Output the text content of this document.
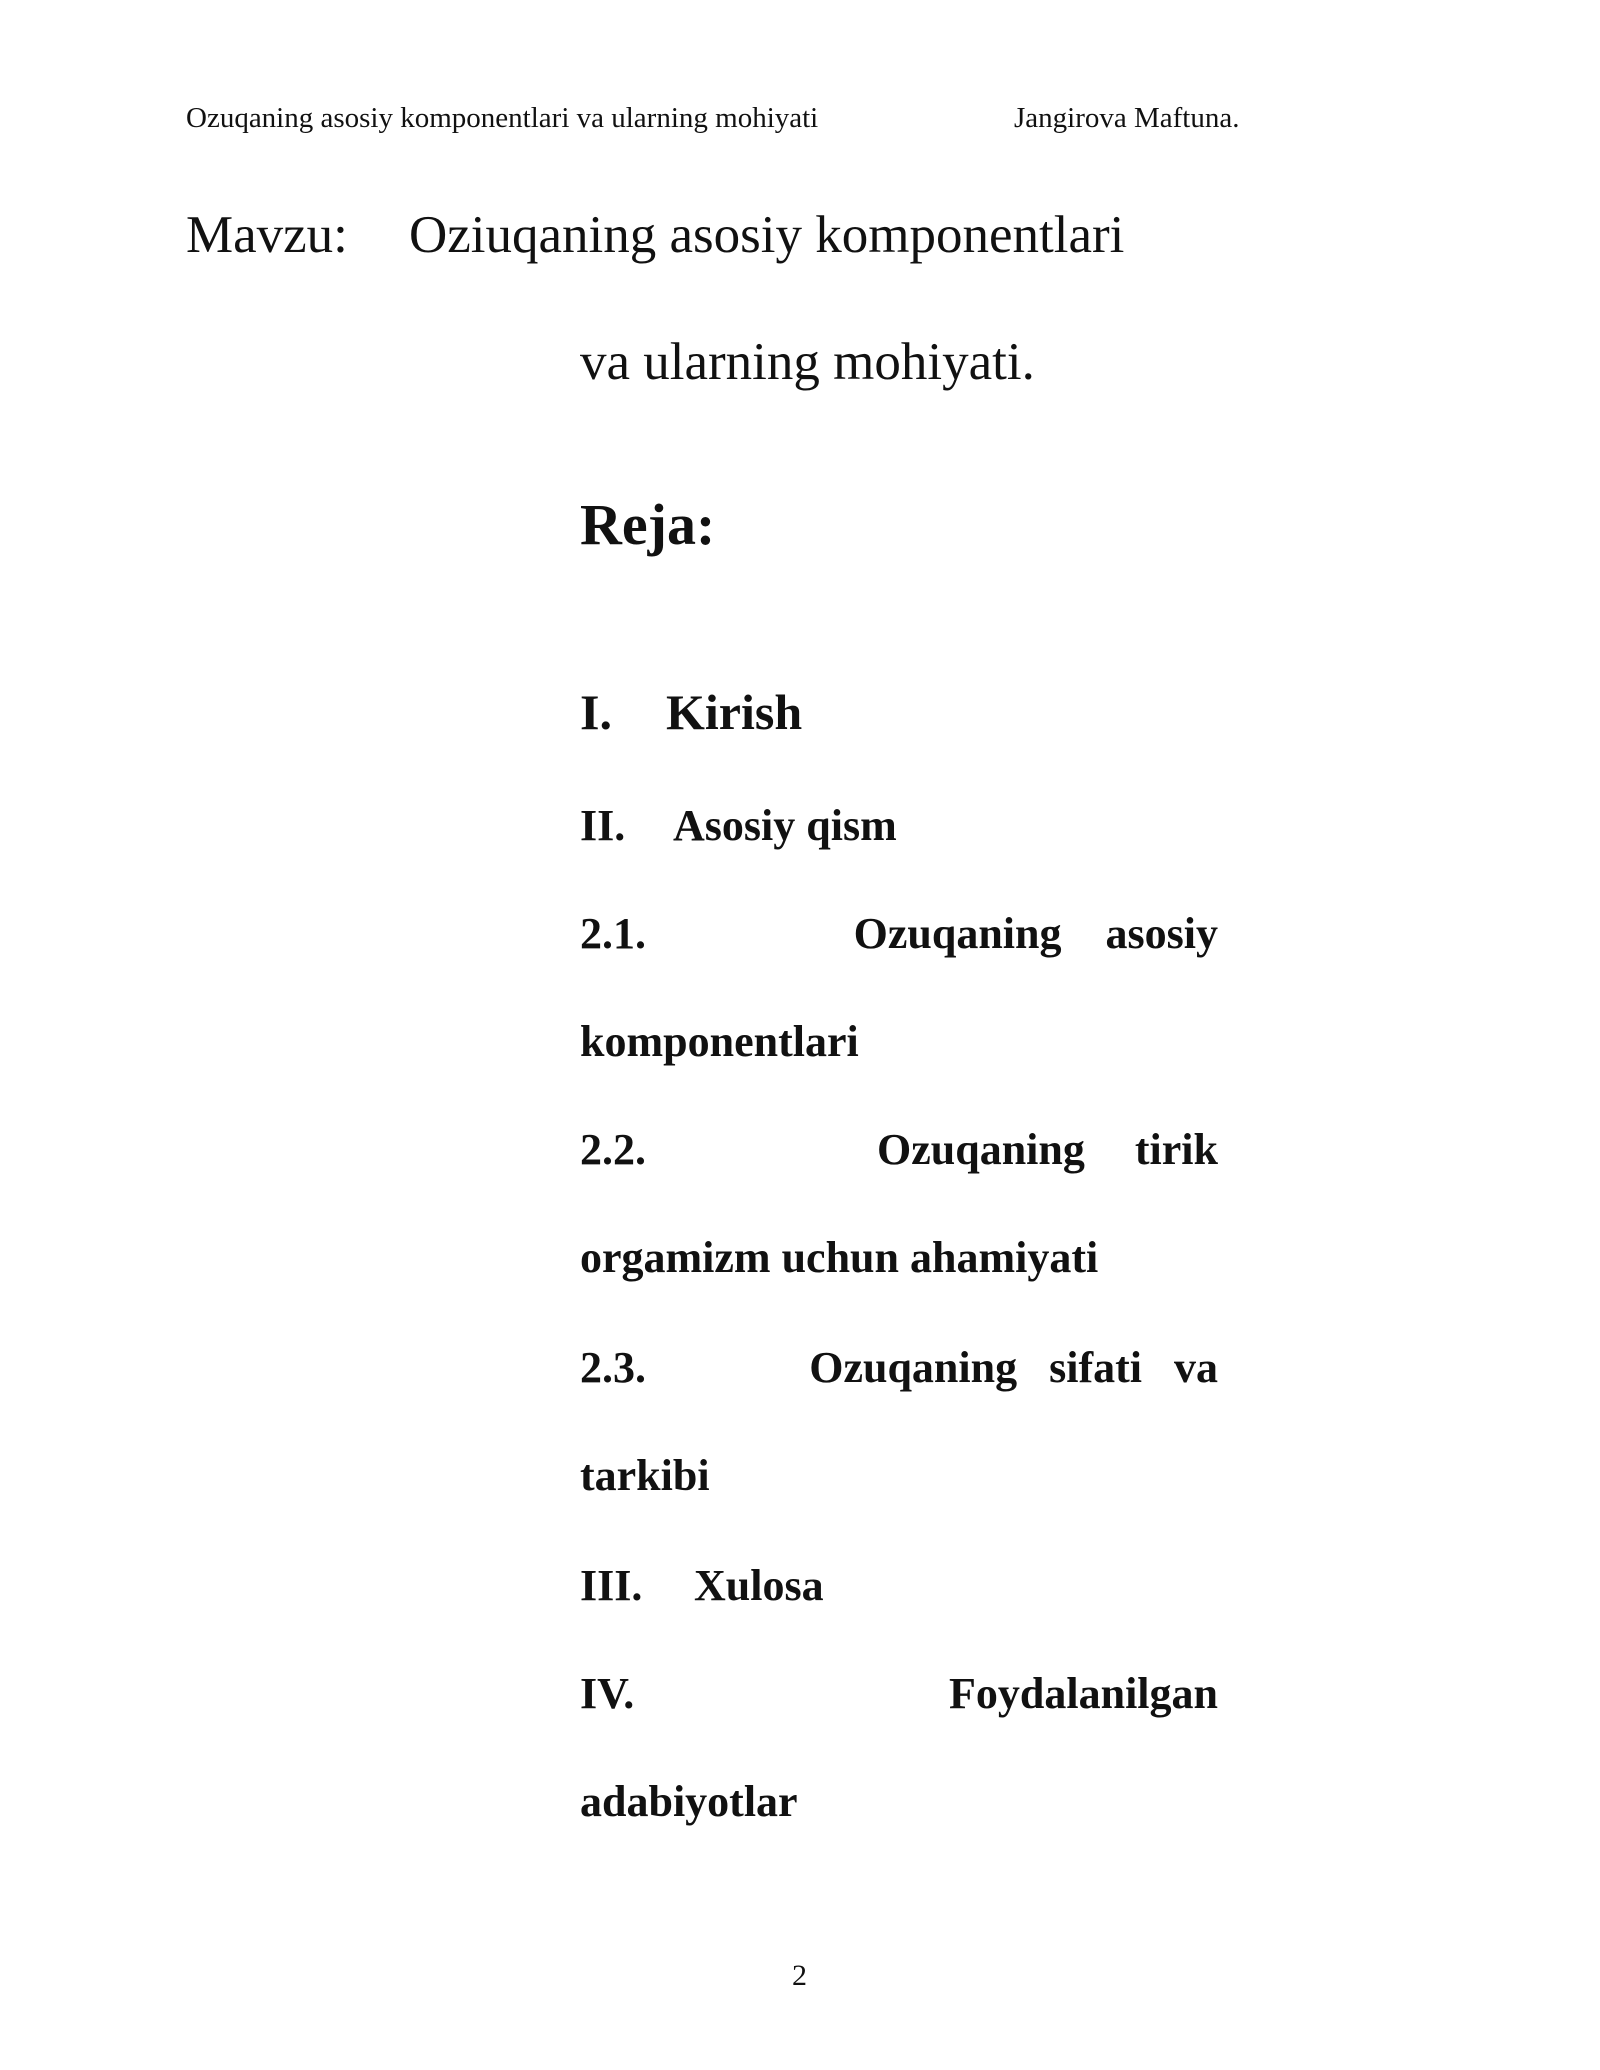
Ozuqaning asosiy komponentlari va ularning mohiyati	Jangirova Maftuna.
Mavzu: Oziuqaning asosiy komponentlari
va ularning mohiyati.
Reja:
I. Kirish
II. Asosiy qism
2.1.	Ozuqaning asosiy
komponentlari
2.2.	Ozuqaning tirik
orgamizm uchun ahamiyati
2.3.	Ozuqaning sifati va
tarkibi
III. Xulosa
IV.	Foydalanilgan
adabiyotlar
2
